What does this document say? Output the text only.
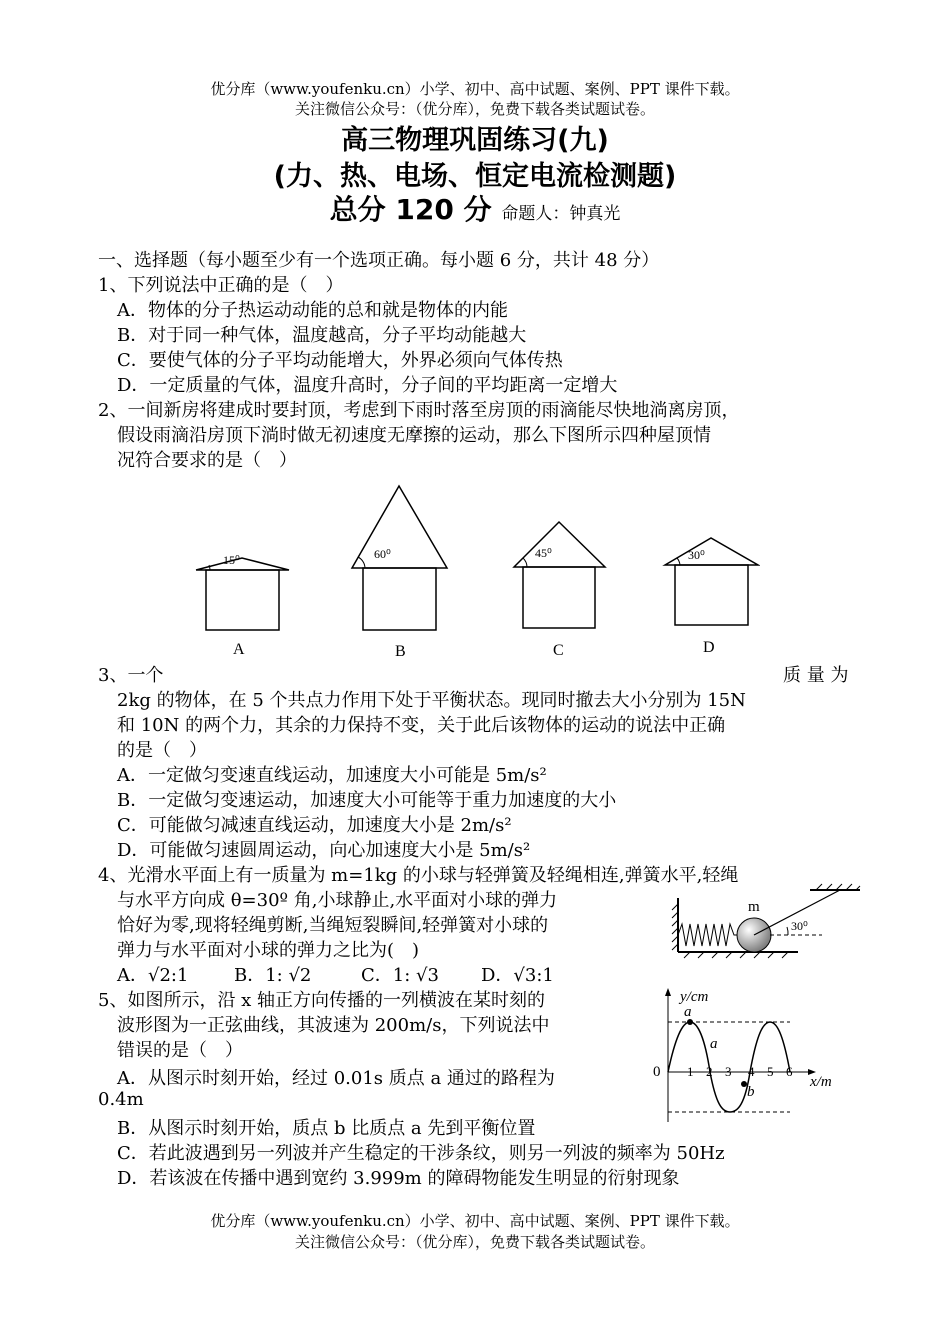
优分库（www.youfenku.cn）小学、初中、高中试题、案例、PPT 课件下载。
关注微信公众号：（优分库），免费下载各类试题试卷。
高三物理巩固练习(九)
(力、热、电场、恒定电流检测题)
总分 120 分 命题人：钟真光
一、选择题（每小题至少有一个选项正确。每小题 6 分，共计 48 分）
1、下列说法中正确的是（　）
A．物体的分子热运动动能的总和就是物体的内能
B．对于同一种气体，温度越高，分子平均动能越大
C．要使气体的分子平均动能增大，外界必须向气体传热
D．一定质量的气体，温度升高时，分子间的平均距离一定增大
2、一间新房将建成时要封顶，考虑到下雨时落至房顶的雨滴能尽快地淌离房顶，
假设雨滴沿房顶下淌时做无初速度无摩擦的运动，那么下图所示四种屋顶情
况符合要求的是（　）
15⁰
A
60⁰
B
45⁰
C
30⁰
D
3、一个	质 量 为
2kg 的物体，在 5 个共点力作用下处于平衡状态。现同时撤去大小分别为 15N
和 10N 的两个力，其余的力保持不变，关于此后该物体的运动的说法中正确
的是（　）
A．一定做匀变速直线运动，加速度大小可能是 5m/s²
B．一定做匀变速运动，加速度大小可能等于重力加速度的大小
C．可能做匀减速直线运动，加速度大小是 2m/s²
D．可能做匀速圆周运动，向心加速度大小是 5m/s²
4、光滑水平面上有一质量为 m=1kg 的小球与轻弹簧及轻绳相连,弹簧水平,轻绳
与水平方向成 θ=30º 角,小球静止,水平面对小球的弹力
恰好为零,现将轻绳剪断,当绳短裂瞬间,轻弹簧对小球的
弹力与水平面对小球的弹力之比为(　)
A．√2:1	B．1: √2	C．1: √3 D．√3:1
m
30⁰
5、如图所示，沿 x 轴正方向传播的一列横波在某时刻的
波形图为一正弦曲线，其波速为 200m/s，下列说法中
错误的是（　）
A．从图示时刻开始，经过 0.01s 质点 a 通过的路程为
0.4m
B．从图示时刻开始，质点 b 比质点 a 先到平衡位置
C．若此波遇到另一列波并产生稳定的干涉条纹，则另一列波的频率为 50Hz
D．若该波在传播中遇到宽约 3.999m 的障碍物能发生明显的衍射现象
y/cm
x/m
0 1 2 3 4 5 6
a
a
b
优分库（www.youfenku.cn）小学、初中、高中试题、案例、PPT 课件下载。
关注微信公众号：（优分库），免费下载各类试题试卷。
